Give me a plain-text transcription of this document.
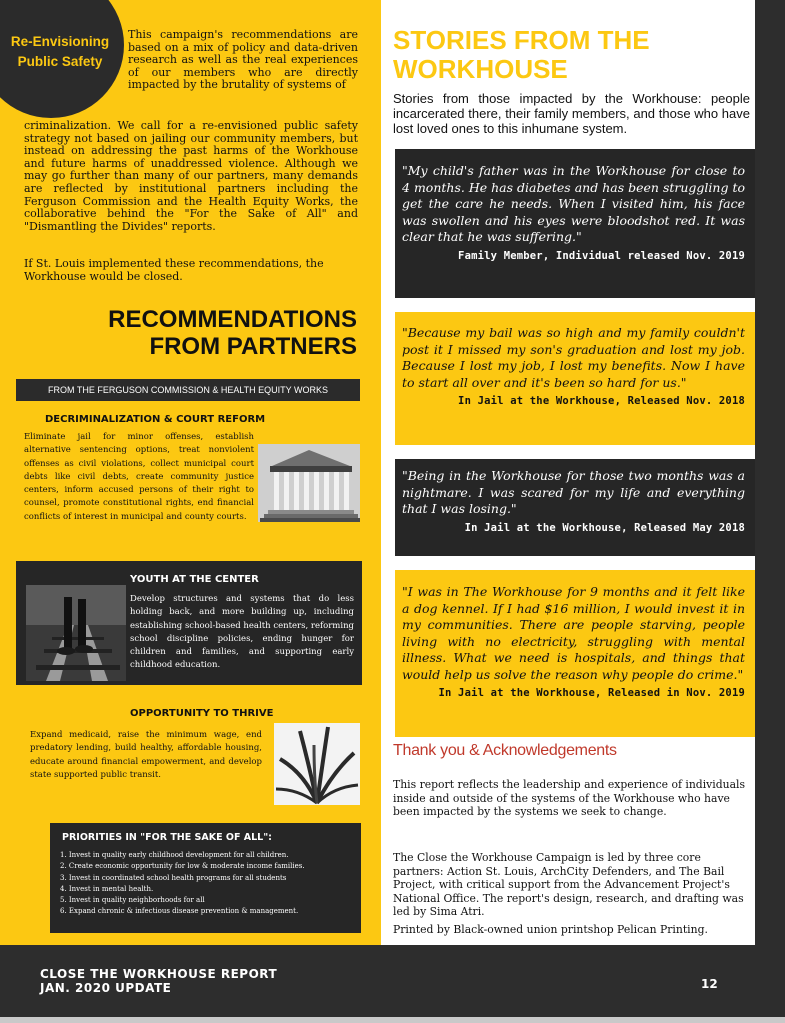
Re-Envisioning
Public Safety

This campaign's recommendations are based on a mix of policy and data-driven research as well as the real experiences of our members who are directly impacted by the brutality of systems of

criminalization. We call for a re-envisioned public safety strategy not based on jailing our community members, but instead on addressing the past harms of the Workhouse and future harms of unaddressed violence. Although we may go further than many of our partners, many demands are reflected by institutional partners including the Ferguson Commission and the Health Equity Works, the collaborative behind the "For the Sake of All" and "Dismantling the Divides" reports.

If St. Louis implemented these recommendations, the Workhouse would be closed.

RECOMMENDATIONS
FROM PARTNERS
FROM THE FERGUSON COMMISSION & HEALTH EQUITY WORKS
DECRIMINALIZATION & COURT REFORM

Eliminate jail for minor offenses, establish alternative sentencing options, treat nonviolent offenses as civil violations, collect municipal court debts like civil debts, create community justice centers, inform accused persons of their right to counsel, promote constitutional rights, end financial conflicts of interest in municipal and county courts.

YOUTH AT THE CENTER

Develop structures and systems that do less holding back, and more building up, including establishing school-based health centers, reforming school discipline policies, ending hunger for children and families, and supporting early childhood education.

OPPORTUNITY TO THRIVE

Expand medicaid, raise the minimum wage, end predatory lending, build healthy, affordable housing, educate around financial empowerment, and develop state supported public transit.

PRIORITIES IN "FOR THE SAKE OF ALL":
1. Invest in quality early childhood development for all children.
2. Create economic opportunity for low & moderate income families.
3. Invest in coordinated school health programs for all students
4. Invest in mental health.
5. Invest in quality neighborhoods for all
6. Expand chronic & infectious disease prevention & management.
STORIES FROM THE
WORKHOUSE

Stories from those impacted by the Workhouse: people incarcerated there, their family members, and those who have lost loved ones to this inhumane system.

"My child's father was in the Workhouse for close to 4 months. He has diabetes and has been struggling to get the care he needs. When I visited him, his face was swollen and his eyes were bloodshot red. It was clear that he was suffering."

Family Member, Individual released Nov. 2019

"Because my bail was so high and my family couldn't post it I missed my son's graduation and lost my job. Because I lost my job, I lost my benefits. Now I have to start all over and it's been so hard for us."

In Jail at the Workhouse, Released Nov. 2018

"Being in the Workhouse for those two months was a nightmare. I was scared for my life and everything that I was losing."

In Jail at the Workhouse, Released May 2018

"I was in The Workhouse for 9 months and it felt like a dog kennel. If I had $16 million, I would invest it in my communities. There are people starving, people living with no electricity, struggling with mental illness. What we need is hospitals, and things that would help us solve the reason why people do crime."

In Jail at the Workhouse, Released in Nov. 2019
Thank you & Acknowledgements

This report reflects the leadership and experience of individuals inside and outside of the systems of the Workhouse who have been impacted by the systems we seek to change.

The Close the Workhouse Campaign is led by three core partners: Action St. Louis, ArchCity Defenders, and The Bail Project, with critical support from the Advancement Project's National Office. The report's design, research, and drafting was led by Sima Atri.

Printed by Black-owned union printshop Pelican Printing.

CLOSE THE WORKHOUSE REPORT
JAN. 2020 UPDATE	12
